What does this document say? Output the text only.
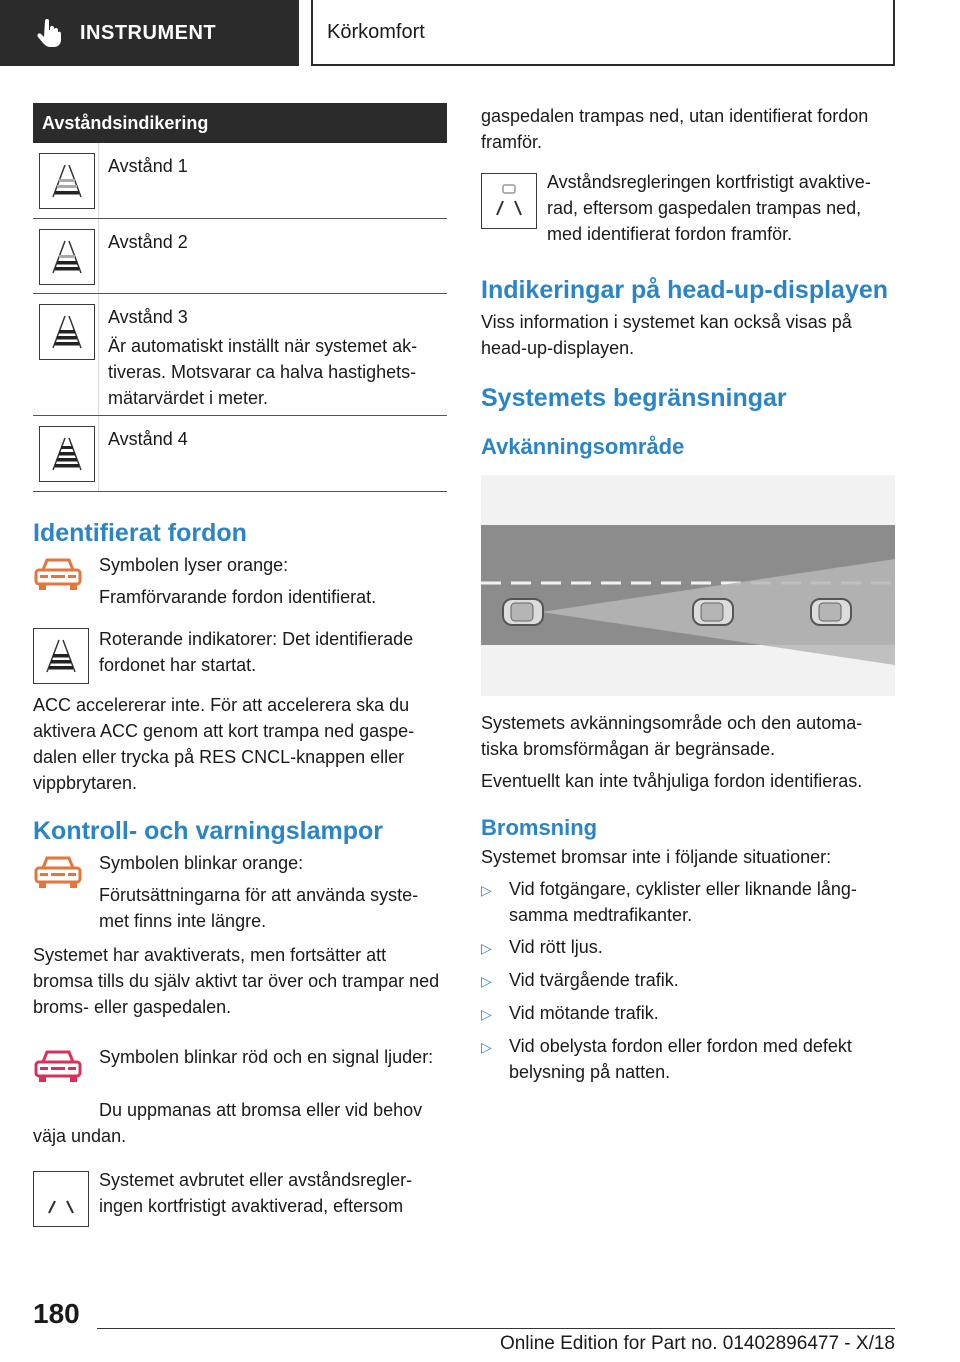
INSTRUMENT	Körkomfort
Avståndsindikering

Avstånd 1

Avstånd 2

Avstånd 3

Är automatiskt inställt när systemet ak-tiveras. Motsvarar ca halva hastighets-mätarvärdet i meter.

Avstånd 4

Identifierat fordon

Symbolen lyser orange:

Framförvarande fordon identifierat.

Roterande indikatorer: Det identifierade fordonet har startat.

ACC accelererar inte. För att accelerera ska du aktivera ACC genom att kort trampa ned gaspe-dalen eller trycka på RES CNCL-knappen eller vippbrytaren.

Kontroll- och varningslampor

Symbolen blinkar orange:

Förutsättningarna för att använda syste-met finns inte längre.

Systemet har avaktiverats, men fortsätter att bromsa tills du själv aktivt tar över och trampar ned broms- eller gaspedalen.

Symbolen blinkar röd och en signal ljuder:

Du uppmanas att bromsa eller vid behov väja undan.

Systemet avbrutet eller avståndsregler-ingen kortfristigt avaktiverad, eftersom

gaspedalen trampas ned, utan identifierat fordon framför.

Avståndsregleringen kortfristigt avaktive-rad, eftersom gaspedalen trampas ned, med identifierat fordon framför.

Indikeringar på head-up-displayen

Viss information i systemet kan också visas på head-up-displayen.

Systemets begränsningar
Avkänningsområde

Systemets avkänningsområde och den automa-tiska bromsförmågan är begränsade.

Eventuellt kan inte tvåhjuliga fordon identifieras.

Bromsning

Systemet bromsar inte i följande situationer:

▷ Vid fotgängare, cyklister eller liknande lång-samma medtrafikanter.
▷ Vid rött ljus.
▷ Vid tvärgående trafik.
▷ Vid mötande trafik.
▷ Vid obelysta fordon eller fordon med defekt belysning på natten.
180
Online Edition for Part no. 01402896477 - X/18
